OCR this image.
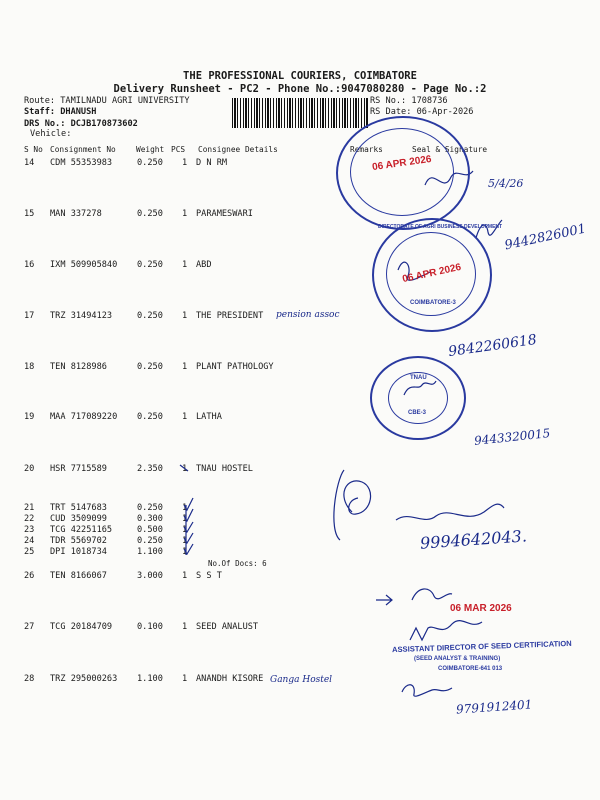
THE PROFESSIONAL COURIERS, COIMBATORE
Delivery Runsheet - PC2 - Phone No.:9047080280 - Page No.:2
Route: TAMILNADU AGRI UNIVERSITY
Staff: DHANUSH
DRS No.: DCJB170873602
Vehicle:
RS No.: 1708736
RS Date: 06-Apr-2026
S No Consignment No	Weight PCS Consignee Details	Remarks	Seal & Signature
14 CDM 55353983	0.250 1 D N RM
15 MAN 337278	0.250 1 PARAMESWARI
16 IXM 509905840 0.250 1 ABD
17 TRZ 31494123	0.250 1 THE PRESIDENT
18 TEN 8128986	0.250 1 PLANT PATHOLOGY
19 MAA 717089220 0.250 1 LATHA
20 HSR 7715589	2.350 1 TNAU HOSTEL
21 TRT 5147683	0.250 1
22 CUD 3509099	0.300 1
23 TCG 42251165	0.500 1
24 TDR 5569702	0.250 1
25 DPI 1018734	1.100 1
No.Of Docs: 6
26 TEN 8166067	3.000 1 S S T
27 TCG 20184709	0.100 1 SEED ANALUST
28 TRZ 295000263 1.100 1 ANANDH KISORE
5/4/26
9442826001
pension assoc
9842260618
9443320015
9994642043.
Ganga Hostel
9791912401
06 APR 2026
DIRECTORATE OF AGRI BUSINESS DEVELOPMENT
06 APR 2026
COIMBATORE-3
TNAU
CBE-3
06 MAR 2026
ASSISTANT DIRECTOR OF SEED CERTIFICATION
(SEED ANALYST & TRAINING)
COIMBATORE-641 013
